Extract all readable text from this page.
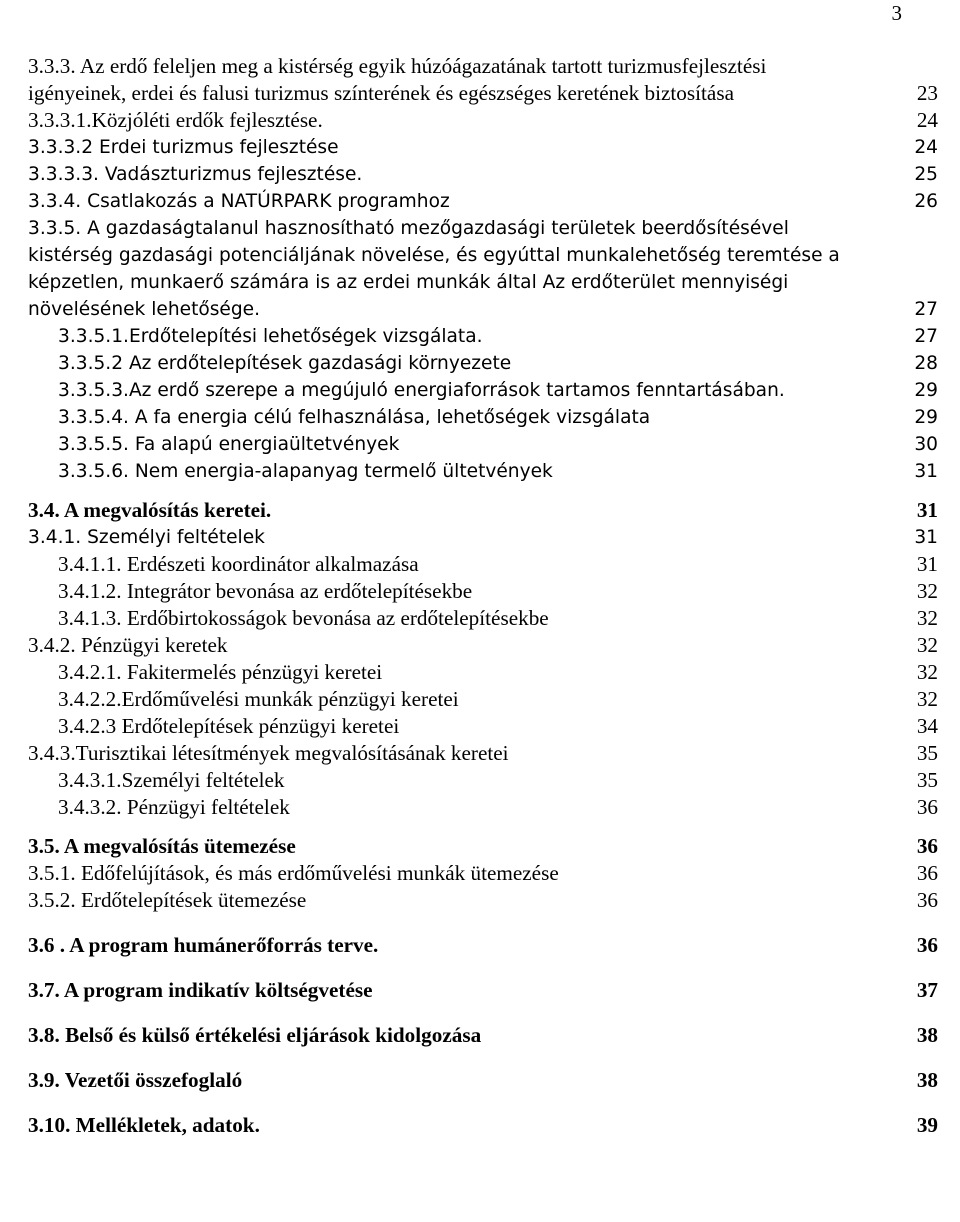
3
3.3.3. Az erdő feleljen meg a kistérség egyik húzóágazatának tartott turizmusfejlesztési
igényeinek, erdei és falusi turizmus színterének és egészséges keretének biztosítása	23
3.3.3.1.Közjóléti erdők fejlesztése.	24
3.3.3.2 Erdei turizmus fejlesztése	24
3.3.3.3. Vadászturizmus fejlesztése.	25
3.3.4. Csatlakozás a NATÚRPARK programhoz	26
3.3.5. A gazdaságtalanul hasznosítható mezőgazdasági területek beerdősítésével
kistérség gazdasági potenciáljának növelése, és egyúttal munkalehetőség teremtése a
képzetlen, munkaerő számára is az erdei munkák által Az erdőterület mennyiségi
növelésének lehetősége.	27
3.3.5.1.Erdőtelepítési lehetőségek vizsgálata.	27
3.3.5.2 Az erdőtelepítések gazdasági környezete	28
3.3.5.3.Az erdő szerepe a megújuló energiaforrások tartamos fenntartásában.	29
3.3.5.4. A fa energia célú felhasználása, lehetőségek vizsgálata	29
3.3.5.5. Fa alapú energiaültetvények	30
3.3.5.6. Nem energia-alapanyag termelő ültetvények	31
3.4. A megvalósítás keretei.	31
3.4.1. Személyi feltételek	31
3.4.1.1. Erdészeti koordinátor alkalmazása	31
3.4.1.2. Integrátor bevonása az erdőtelepítésekbe	32
3.4.1.3. Erdőbirtokosságok bevonása az erdőtelepítésekbe	32
3.4.2. Pénzügyi keretek	32
3.4.2.1. Fakitermelés pénzügyi keretei	32
3.4.2.2.Erdőművelési munkák pénzügyi keretei	32
3.4.2.3 Erdőtelepítések pénzügyi keretei	34
3.4.3.Turisztikai létesítmények megvalósításának keretei	35
3.4.3.1.Személyi feltételek	35
3.4.3.2. Pénzügyi feltételek	36
3.5. A megvalósítás ütemezése	36
3.5.1. Edőfelújítások, és más erdőművelési munkák ütemezése	36
3.5.2. Erdőtelepítések ütemezése	36
3.6 . A program humánerőforrás terve.	36
3.7. A program indikatív költségvetése	37
3.8. Belső és külső értékelési eljárások kidolgozása	38
3.9. Vezetői összefoglaló	38
3.10. Mellékletek, adatok.	39
